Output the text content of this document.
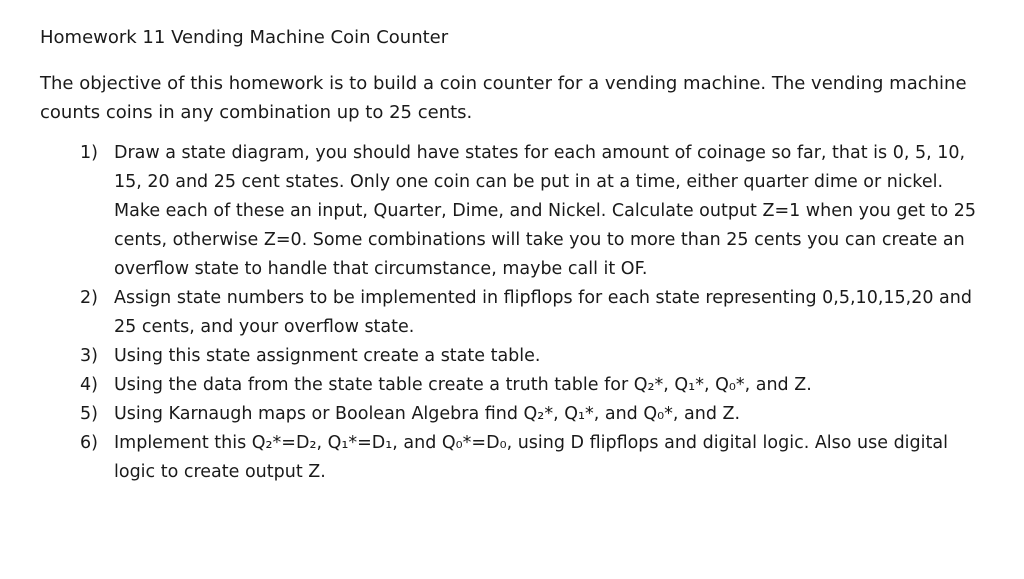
Homework 11 Vending Machine Coin Counter

The objective of this homework is to build a coin counter for a vending machine. The vending machine counts coins in any combination up to 25 cents.

1) Draw a state diagram, you should have states for each amount of coinage so far, that is 0, 5, 10, 15, 20 and 25 cent states. Only one coin can be put in at a time, either quarter dime or nickel. Make each of these an input, Quarter, Dime, and Nickel. Calculate output Z=1 when you get to 25 cents, otherwise Z=0. Some combinations will take you to more than 25 cents you can create an overflow state to handle that circumstance, maybe call it OF.
2) Assign state numbers to be implemented in flipflops for each state representing 0,5,10,15,20 and 25 cents, and your overflow state.
3) Using this state assignment create a state table.
4) Using the data from the state table create a truth table for Q₂*, Q₁*, Q₀*, and Z.
5) Using Karnaugh maps or Boolean Algebra find Q₂*, Q₁*, and Q₀*, and Z.
6) Implement this Q₂*=D₂, Q₁*=D₁, and Q₀*=D₀, using D flipflops and digital logic. Also use digital logic to create output Z.
